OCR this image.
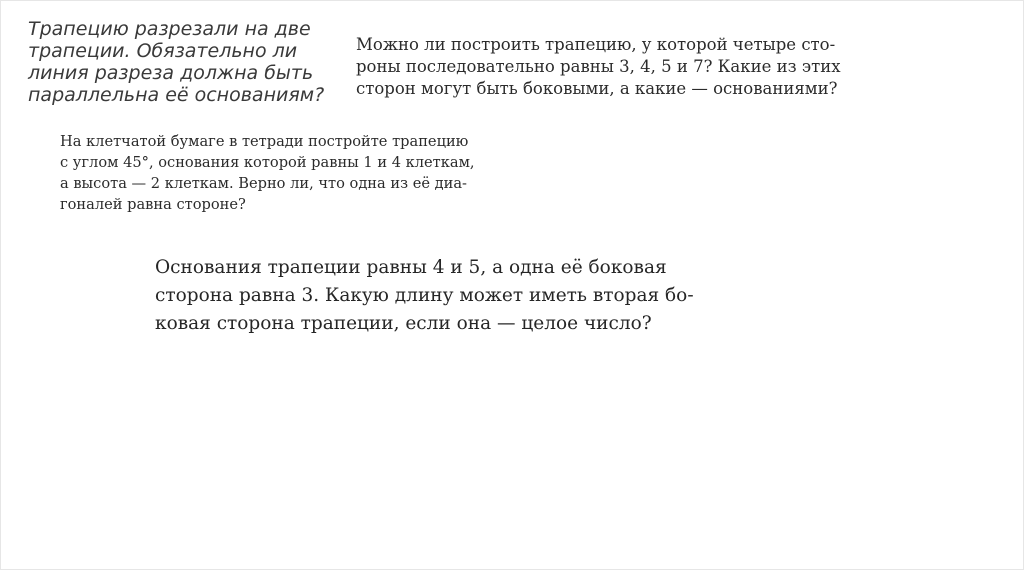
Трапецию разрезали на две
трапеции. Обязательно ли
линия разреза должна быть
параллельна её основаниям?

Можно ли построить трапецию, у которой четыре сто-
роны последовательно равны 3, 4, 5 и 7? Какие из этих
сторон могут быть боковыми, а какие — основаниями?

На клетчатой бумаге в тетради постройте трапецию
с углом 45°, основания которой равны 1 и 4 клеткам,
а высота — 2 клеткам. Верно ли, что одна из её диа-
гоналей равна стороне?

Основания трапеции равны 4 и 5, а одна её боковая
сторона равна 3. Какую длину может иметь вторая бо-
ковая сторона трапеции, если она — целое число?
